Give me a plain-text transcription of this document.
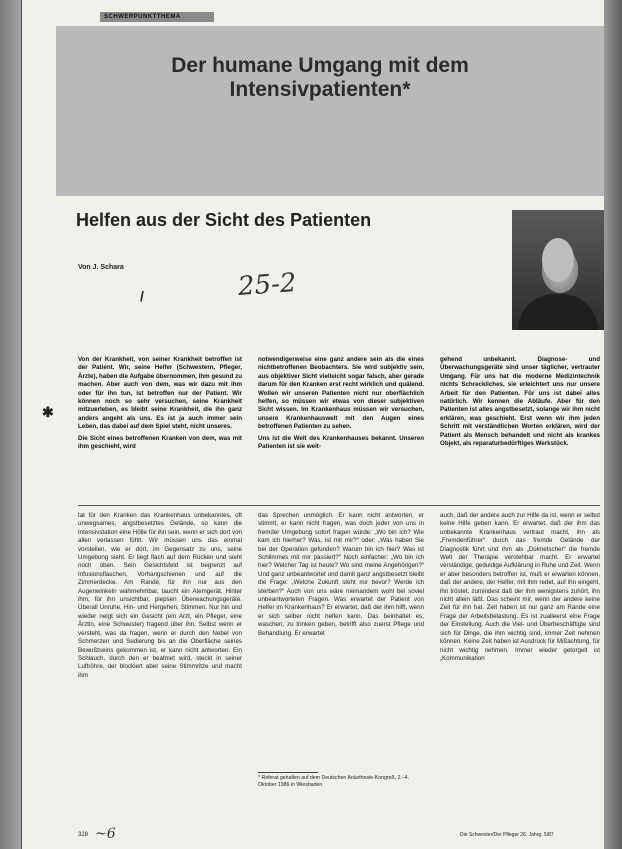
SCHWERPUNKTTHEMA
Der humane Umgang mit dem Intensivpatienten*
Helfen aus der Sicht des Patienten
Von J. Schara
25-2
/
✱

Von der Krankheit, von seiner Krankheit betroffen ist der Patient. Wir, seine Helfer (Schwestern, Pfleger, Ärzte), haben die Aufgabe übernommen, ihm gesund zu machen. Aber auch von dem, was wir dazu mit ihm oder für ihn tun, ist betroffen nur der Patient. Wir können noch so sehr versuchen, seine Krankheit mitzuerleben, es bleibt seine Krankheit, die ihn ganz anders angeht als uns. Es ist ja auch immer sein Leben, das dabei auf dem Spiel steht, nicht unseres.

Die Sicht eines betroffenen Kranken von dem, was mit ihm geschieht, wird

notwendigerweise eine ganz andere sein als die eines nichtbetroffenen Beobachters. Sie wird subjektiv sein, aus objektiver Sicht vielleicht sogar falsch, aber gerade darum für den Kranken erst recht wirklich und quälend. Wollen wir unseren Patienten nicht nur oberflächlich helfen, so müssen wir etwas von dieser subjektiven Sicht wissen. Im Krankenhaus müssen wir versuchen, unsere Krankenhauswelt mit den Augen eines betroffenen Patienten zu sehen.

Uns ist die Welt des Krankenhauses bekannt. Unseren Patienten ist sie weit-

gehend unbekannt. Diagnose- und Überwachungsgeräte sind unser täglicher, vertrauter Umgang. Für uns hat die moderne Medizintechnik nichts Schreckliches, sie erleichtert uns nur unsere Arbeit für den Patienten. Für uns ist dabei alles natürlich. Wir kennen die Abläufe. Aber für den Patienten ist alles angstbesetzt, solange wir ihm nicht erklären, was geschieht. Erst wenn wir ihm jeden Schritt mit verständlichen Worten erklären, wird der Patient als Mensch behandelt und nicht als krankes Objekt, als reparaturbedürftiges Werkstück.

tat für den Kranken das Krankenhaus unbekanntes, oft unwegsames, angstbesetztes Gelände, so kann die Intensivstation eine Hölle für ihn sein, wenn er sich dort von allen verlassen fühlt. Wir müssen uns das einmal vorstellen, wie er dort, im Gegensatz zu uns, seine Umgebung sieht. Er liegt flach auf dem Rücken und sieht noch oben. Sein Gesichtsfeld ist begrenzt auf Infusionsflaschen, Vorhangschienen und auf die Zimmerdecke. Am Rande, für ihn nur aus den Augenwinkeln wahrnehmbar, taucht ein Atemgerät. Hinter ihm, für ihn unsichtbar, piepsen Überwachungsgeräte. Überall Unruhe, Hin- und Hergehen, Stimmen. Nur hin und wieder neigt sich ein Gesicht (ein Arzt, ein Pfleger, eine Ärztin, eine Schwester) fragend über ihn. Selbst wenn er versteht, was da fragen, wenn er durch den Nebel von Schmerzen und Sedierung bis an die Oberfläche seines Bewußtseins gekommen ist, er kann nicht antworten. Ein Schlauch, durch den er beatmet wird, steckt in seiner Luftröhre, der blockiert aber seine Stimmritze und macht ihm

das Sprechen unmöglich. Er kann nicht antworten, er stimmt, er kann nicht fragen, was doch jeder von uns in fremder Umgebung sofort fragen würde: „Wo bin ich? Wie kam ich hierher? Was, ist mit mir?“ oder: „Was haben Sie bei der Operation gefunden? Warum bin ich hier? Was ist Schlimmes mit mir passiert?“ Noch einfacher: „Wo bin ich hier? Welcher Tag ist heute? Wo sind meine Angehörigen?“ Und ganz unbeantwortet und damit ganz angstbesetzt bleibt die Frage: „Welche Zukunft steht mir bevor? Werde ich sterben?“ Auch von uns wäre niemandem wohl bei soviel unbeantworteten Fragen. Was erwartet der Patient von Helfer im Krankenhaus? Er erwartet, daß der ihm hilft, wenn er sich selber nicht helfen kann. Das beinhaltet es, waschen, zu trinken geben, betrifft also zuerst Pflege und Behandlung. Er erwartet

auch, daß der andere auch zur Hilfe da ist, wenn er selbst keine Hilfe geben kann. Er erwartet, daß der ihm das unbekannte Krankenhaus vertraut macht, ihn als „Fremdenführer“ durch das fremde Gelände der Diagnostik führt und ihm als „Dolmetscher“ die fremde Welt der Therapie verstehbar macht. Er erwartet verständige, geduldige Aufklärung in Ruhe und Zeit. Wenn er aber besonders betroffen ist, muß er erwarten können, daß der andere, der Helfer, mit ihm redet, auf ihn eingeht, ihn tröstet, zumindest daß der ihm wenigstens zuhört, ihn nicht allein läßt. Das scheint mir, wenn der andere keine Zeit für ihn hat. Zeit haben ist nur ganz am Rande eine Frage der Arbeitsbelastung. Es ist zualleerst eine Frage der Einstellung. Auch die Viel- und Überbeschäftigte sind sich für Dinge, die ihm wichtig sind, immer Zeit nehmen können. Keine Zeit haben ist Ausdruck für Mißachtung, für nicht wichtig nehmen. Immer wieder getorgelt ist „Kommunikation

* Referat gehalten auf dem Deutschen Anästhesie-Kongreß, 2.–4. Oktober 1986 in Wiesbaden

328 ~6	Die Schwester/Der Pfleger 26. Jahrg. 5/87
